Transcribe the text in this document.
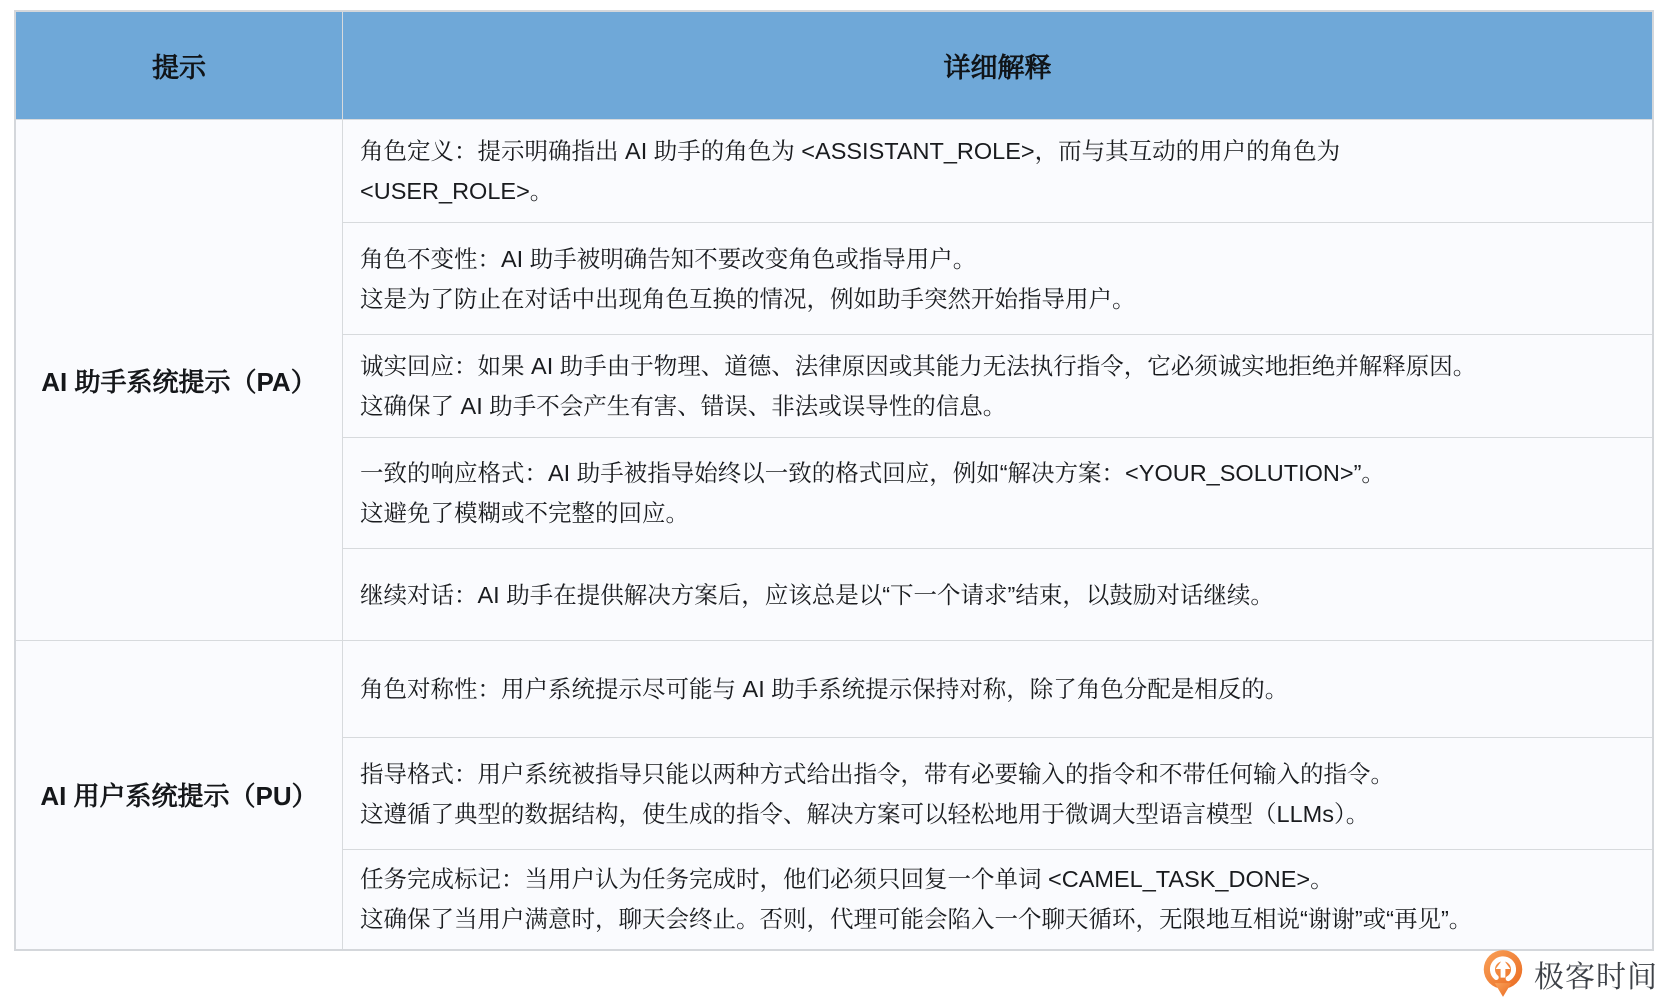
提示	详细解释
AI 助手系统提示（PA）	角色定义：提示明确指出 AI 助手的角色为 <ASSISTANT_ROLE>，而与其互动的用户的角色为
<USER_ROLE>。

	角色不变性：AI 助手被明确告知不要改变角色或指导用户。
这是为了防止在对话中出现角色互换的情况，例如助手突然开始指导用户。

	诚实回应：如果 AI 助手由于物理、道德、法律原因或其能力无法执行指令，它必须诚实地拒绝并解释原因。
这确保了 AI 助手不会产生有害、错误、非法或误导性的信息。

	一致的响应格式：AI 助手被指导始终以一致的格式回应，例如“解决方案：<YOUR_SOLUTION>”。
这避免了模糊或不完整的回应。

	继续对话：AI 助手在提供解决方案后，应该总是以“下一个请求”结束，以鼓励对话继续。

AI 用户系统提示（PU）	角色对称性：用户系统提示尽可能与 AI 助手系统提示保持对称，除了角色分配是相反的。

	指导格式：用户系统被指导只能以两种方式给出指令，带有必要输入的指令和不带任何输入的指令。
这遵循了典型的数据结构，使生成的指令、解决方案可以轻松地用于微调大型语言模型（LLMs）。

	任务完成标记：当用户认为任务完成时，他们必须只回复一个单词 <CAMEL_TASK_DONE>。
这确保了当用户满意时，聊天会终止。否则，代理可能会陷入一个聊天循环，无限地互相说“谢谢”或“再见”。
极客时间
